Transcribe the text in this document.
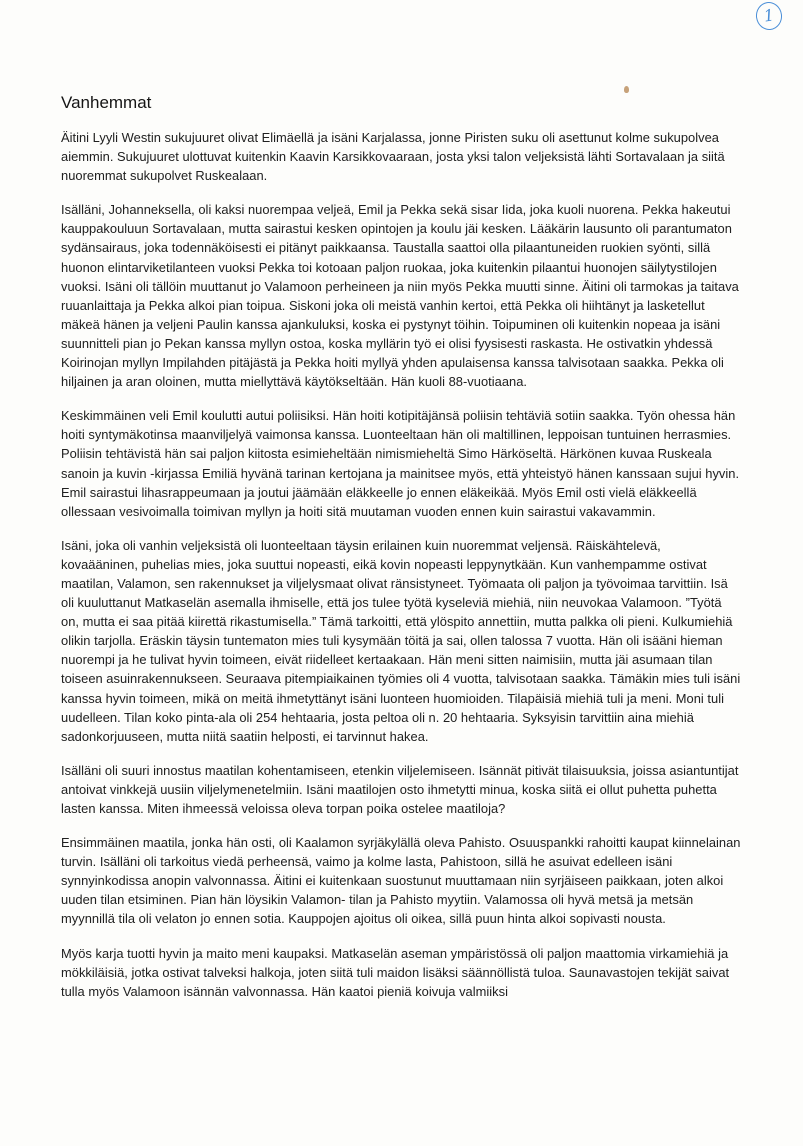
1
Vanhemmat

Äitini Lyyli Westin sukujuuret olivat Elimäellä ja isäni Karjalassa, jonne Piristen suku oli asettunut kolme sukupolvea aiemmin. Sukujuuret ulottuvat kuitenkin Kaavin Karsikkovaaraan, josta yksi talon veljeksistä lähti Sortavalaan ja siitä nuoremmat sukupolvet Ruskealaan.

Isälläni, Johanneksella, oli kaksi nuorempaa veljeä, Emil ja Pekka sekä sisar Iida, joka kuoli nuorena. Pekka hakeutui kauppakouluun Sortavalaan, mutta sairastui kesken opintojen ja koulu jäi kesken. Lääkärin lausunto oli parantumaton sydänsairaus, joka todennäköisesti ei pitänyt paikkaansa. Taustalla saattoi olla pilaantuneiden ruokien syönti, sillä huonon elintarviketilanteen vuoksi Pekka toi kotoaan paljon ruokaa, joka kuitenkin pilaantui huonojen säilytystilojen vuoksi. Isäni oli tällöin muuttanut jo Valamoon perheineen ja niin myös Pekka muutti sinne. Äitini oli tarmokas ja taitava ruuanlaittaja ja Pekka alkoi pian toipua. Siskoni joka oli meistä vanhin kertoi, että Pekka oli hiihtänyt ja lasketellut mäkeä hänen ja veljeni Paulin kanssa ajankuluksi, koska ei pystynyt töihin. Toipuminen oli kuitenkin nopeaa ja isäni suunnitteli pian jo Pekan kanssa myllyn ostoa, koska myllärin työ ei olisi fyysisesti raskasta. He ostivatkin yhdessä Koirinojan myllyn Impilahden pitäjästä ja Pekka hoiti myllyä yhden apulaisensa kanssa talvisotaan saakka. Pekka oli hiljainen ja aran oloinen, mutta miellyttävä käytökseltään. Hän kuoli 88-vuotiaana.

Keskimmäinen veli Emil koulutti autui poliisiksi. Hän hoiti kotipitäjänsä poliisin tehtäviä sotiin saakka. Työn ohessa hän hoiti syntymäkotinsa maanviljelyä vaimonsa kanssa. Luonteeltaan hän oli maltillinen, leppoisan tuntuinen herrasmies. Poliisin tehtävistä hän sai paljon kiitosta esimieheltään nimismieheltä Simo Härköseltä. Härkönen kuvaa Ruskeala sanoin ja kuvin -kirjassa Emiliä hyvänä tarinan kertojana ja mainitsee myös, että yhteistyö hänen kanssaan sujui hyvin. Emil sairastui lihasrappeumaan ja joutui jäämään eläkkeelle jo ennen eläkeikää. Myös Emil osti vielä eläkkeellä ollessaan vesivoimalla toimivan myllyn ja hoiti sitä muutaman vuoden ennen kuin sairastui vakavammin.

Isäni, joka oli vanhin veljeksistä oli luonteeltaan täysin erilainen kuin nuoremmat veljensä. Räiskähtelevä, kovaääninen, puhelias mies, joka suuttui nopeasti, eikä kovin nopeasti leppynytkään. Kun vanhempamme ostivat maatilan, Valamon, sen rakennukset ja viljelysmaat olivat ränsistyneet. Työmaata oli paljon ja työvoimaa tarvittiin. Isä oli kuuluttanut Matkaselän asemalla ihmiselle, että jos tulee työtä kyseleviä miehiä, niin neuvokaa Valamoon. ”Työtä on, mutta ei saa pitää kiirettä rikastumisella.” Tämä tarkoitti, että ylöspito annettiin, mutta palkka oli pieni. Kulkumiehiä olikin tarjolla. Eräskin täysin tuntematon mies tuli kysymään töitä ja sai, ollen talossa 7 vuotta. Hän oli isääni hieman nuorempi ja he tulivat hyvin toimeen, eivät riidelleet kertaakaan. Hän meni sitten naimisiin, mutta jäi asumaan tilan toiseen asuinrakennukseen. Seuraava pitempiaikainen työmies oli 4 vuotta, talvisotaan saakka. Tämäkin mies tuli isäni kanssa hyvin toimeen, mikä on meitä ihmetyttänyt isäni luonteen huomioiden. Tilapäisiä miehiä tuli ja meni. Moni tuli uudelleen. Tilan koko pinta-ala oli 254 hehtaaria, josta peltoa oli n. 20 hehtaaria. Syksyisin tarvittiin aina miehiä sadonkorjuuseen, mutta niitä saatiin helposti, ei tarvinnut hakea.

Isälläni oli suuri innostus maatilan kohentamiseen, etenkin viljelemiseen. Isännät pitivät tilaisuuksia, joissa asiantuntijat antoivat vinkkejä uusiin viljelymenetelmiin. Isäni maatilojen osto ihmetytti minua, koska siitä ei ollut puhetta puhetta lasten kanssa. Miten ihmeessä veloissa oleva torpan poika ostelee maatiloja?

Ensimmäinen maatila, jonka hän osti, oli Kaalamon syrjäkylällä oleva Pahisto. Osuuspankki rahoitti kaupat kiinnelainan turvin. Isälläni oli tarkoitus viedä perheensä, vaimo ja kolme lasta, Pahistoon, sillä he asuivat edelleen isäni synnyinkodissa anopin valvonnassa. Äitini ei kuitenkaan suostunut muuttamaan niin syrjäiseen paikkaan, joten alkoi uuden tilan etsiminen. Pian hän löysikin Valamon- tilan ja Pahisto myytiin. Valamossa oli hyvä metsä ja metsän myynnillä tila oli velaton jo ennen sotia. Kauppojen ajoitus oli oikea, sillä puun hinta alkoi sopivasti nousta.

Myös karja tuotti hyvin ja maito meni kaupaksi. Matkaselän aseman ympäristössä oli paljon maattomia virkamiehiä ja mökkiläisiä, jotka ostivat talveksi halkoja, joten siitä tuli maidon lisäksi säännöllistä tuloa. Saunavastojen tekijät saivat tulla myös Valamoon isännän valvonnassa. Hän kaatoi pieniä koivuja valmiiksi
